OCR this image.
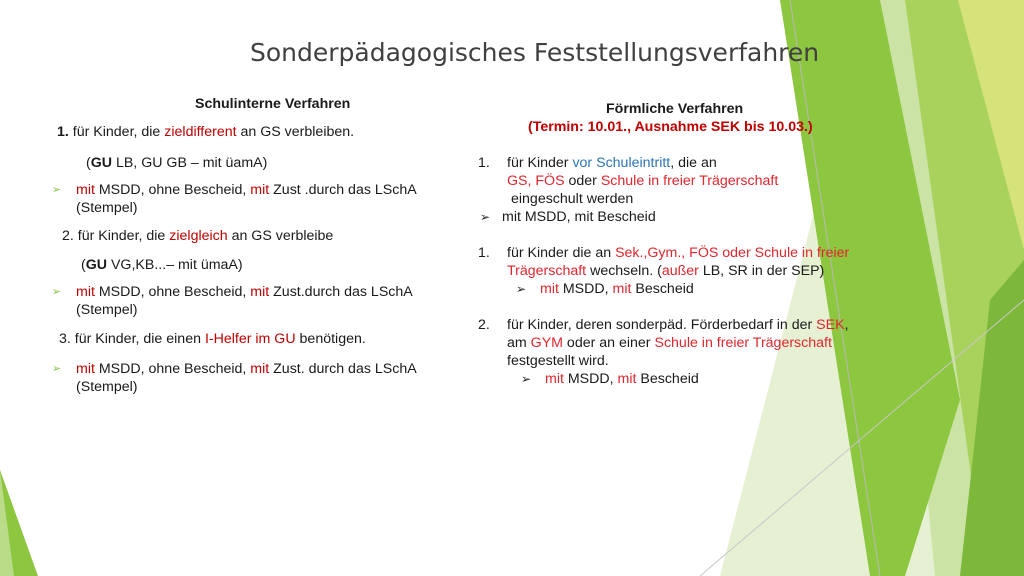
Sonderpädagogisches Feststellungsverfahren
Schulinterne Verfahren
1. für Kinder, die zieldifferent an GS verbleiben.
(GU LB, GU GB – mit üamA)
➢ mit MSDD, ohne Bescheid, mit Zust .durch das LSchA
(Stempel)
2. für Kinder, die zielgleich an GS verbleibe
(GU VG,KB...– mit ümaA)
➢ mit MSDD, ohne Bescheid, mit Zust.durch das LSchA
(Stempel)
3. für Kinder, die einen I-Helfer im GU benötigen.
➢ mit MSDD, ohne Bescheid, mit Zust. durch das LSchA
(Stempel)
Förmliche Verfahren
(Termin: 10.01., Ausnahme SEK bis 10.03.)
1. für Kinder vor Schuleintritt, die an
GS, FÖS oder Schule in freier Trägerschaft
eingeschult werden
➢ mit MSDD, mit Bescheid
1. für Kinder die an Sek.,Gym., FÖS oder Schule in freier
Trägerschaft wechseln. (außer LB, SR in der SEP)
➢ mit MSDD, mit Bescheid
2. für Kinder, deren sonderpäd. Förderbedarf in der SEK,
am GYM oder an einer Schule in freier Trägerschaft
festgestellt wird.
➢ mit MSDD, mit Bescheid
